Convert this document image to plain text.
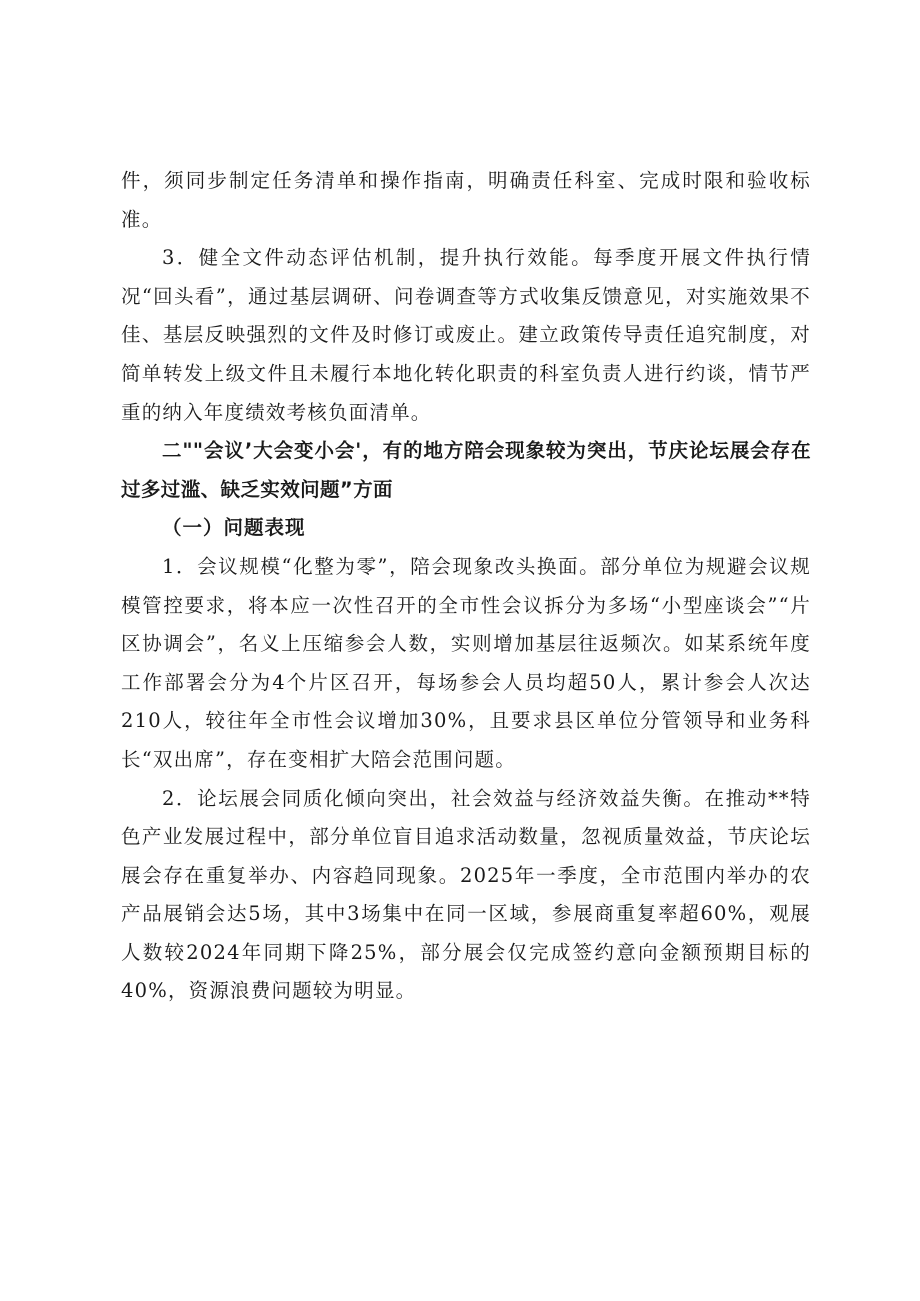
件，须同步制定任务清单和操作指南，明确责任科室、完成时限和验收标准。

3．健全文件动态评估机制，提升执行效能。每季度开展文件执行情况“回头看”，通过基层调研、问卷调查等方式收集反馈意见，对实施效果不佳、基层反映强烈的文件及时修订或废止。建立政策传导责任追究制度，对简单转发上级文件且未履行本地化转化职责的科室负责人进行约谈，情节严重的纳入年度绩效考核负面清单。

二""会议’大会变小会'，有的地方陪会现象较为突出，节庆论坛展会存在过多过滥、缺乏实效问题”方面

（一）问题表现

1．会议规模“化整为零”，陪会现象改头换面。部分单位为规避会议规模管控要求，将本应一次性召开的全市性会议拆分为多场“小型座谈会”“片区协调会”，名义上压缩参会人数，实则增加基层往返频次。如某系统年度工作部署会分为4个片区召开，每场参会人员均超50人，累计参会人次达210人，较往年全市性会议增加30%，且要求县区单位分管领导和业务科长“双出席”，存在变相扩大陪会范围问题。

2．论坛展会同质化倾向突出，社会效益与经济效益失衡。在推动**特色产业发展过程中，部分单位盲目追求活动数量，忽视质量效益，节庆论坛展会存在重复举办、内容趋同现象。2025年一季度，全市范围内举办的农产品展销会达5场，其中3场集中在同一区域，参展商重复率超60%，观展人数较2024年同期下降25%，部分展会仅完成签约意向金额预期目标的40%，资源浪费问题较为明显。
